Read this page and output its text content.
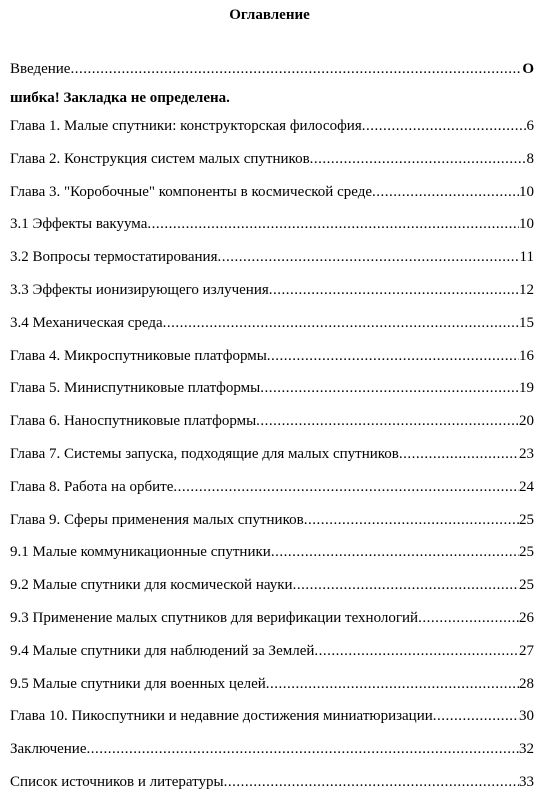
Оглавление
Введение .....	О
шибка! Закладка не определена.
Глава 1. Малые спутники: конструкторская философия .....	6
Глава 2. Конструкция систем малых спутников .....	8
Глава 3. "Коробочные" компоненты в космической среде .....	10
3.1 Эффекты вакуума .....	10
3.2 Вопросы термостатирования .....	11
3.3 Эффекты ионизирующего излучения .....	12
3.4 Механическая среда .....	15
Глава 4. Микроспутниковые платформы .....	16
Глава 5. Миниспутниковые платформы .....	19
Глава 6. Наноспутниковые платформы .....	20
Глава 7. Системы запуска, подходящие для малых спутников .....	23
Глава 8. Работа на орбите .....	24
Глава 9. Сферы применения малых спутников .....	25
9.1 Малые коммуникационные спутники .....	25
9.2 Малые спутники для космической науки .....	25
9.3 Применение малых спутников для верификации технологий .....	26
9.4 Малые спутники для наблюдений за Землей .....	27
9.5 Малые спутники для военных целей .....	28
Глава 10. Пикоспутники и недавние достижения миниатюризации .....	30
Заключение .....	32
Список источников и литературы .....	33
